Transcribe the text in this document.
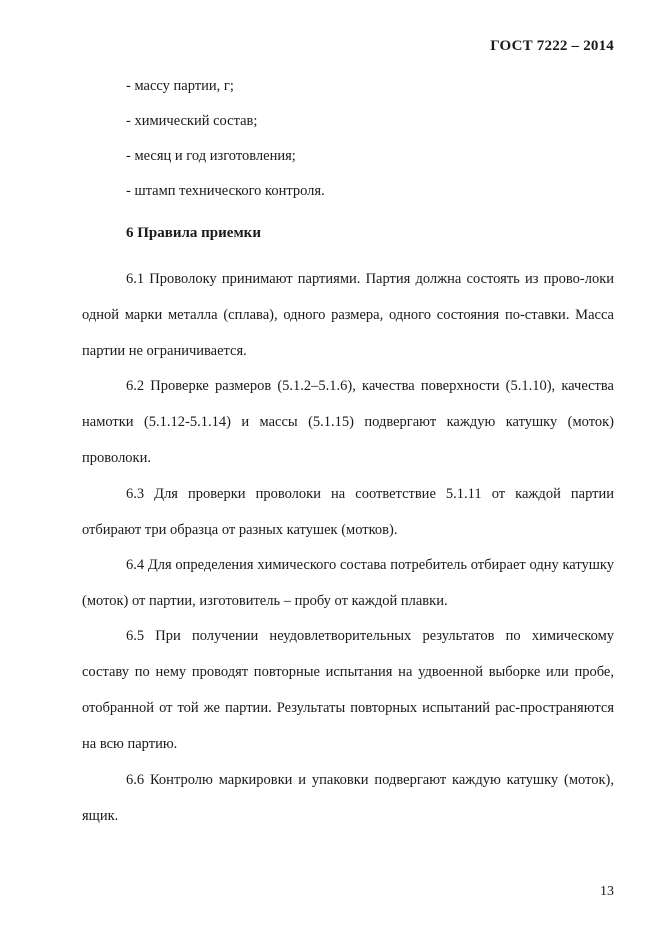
ГОСТ 7222 – 2014
- массу партии, г;
- химический состав;
- месяц и год изготовления;
- штамп технического контроля.
6 Правила приемки

6.1 Проволоку принимают партиями. Партия должна состоять из прово-локи одной марки металла (сплава), одного размера, одного состояния по-ставки. Масса партии не ограничивается.

6.2 Проверке размеров (5.1.2–5.1.6), качества поверхности (5.1.10), качества намотки (5.1.12-5.1.14) и массы (5.1.15) подвергают каждую катушку (моток) проволоки.

6.3 Для проверки проволоки на соответствие 5.1.11 от каждой партии отбирают три образца от разных катушек (мотков).

6.4 Для определения химического состава потребитель отбирает одну катушку (моток) от партии, изготовитель – пробу от каждой плавки.

6.5 При получении неудовлетворительных результатов по химическому составу по нему проводят повторные испытания на удвоенной выборке или пробе, отобранной от той же партии. Результаты повторных испытаний рас-пространяются на всю партию.

6.6 Контролю маркировки и упаковки подвергают каждую катушку (моток), ящик.

13
